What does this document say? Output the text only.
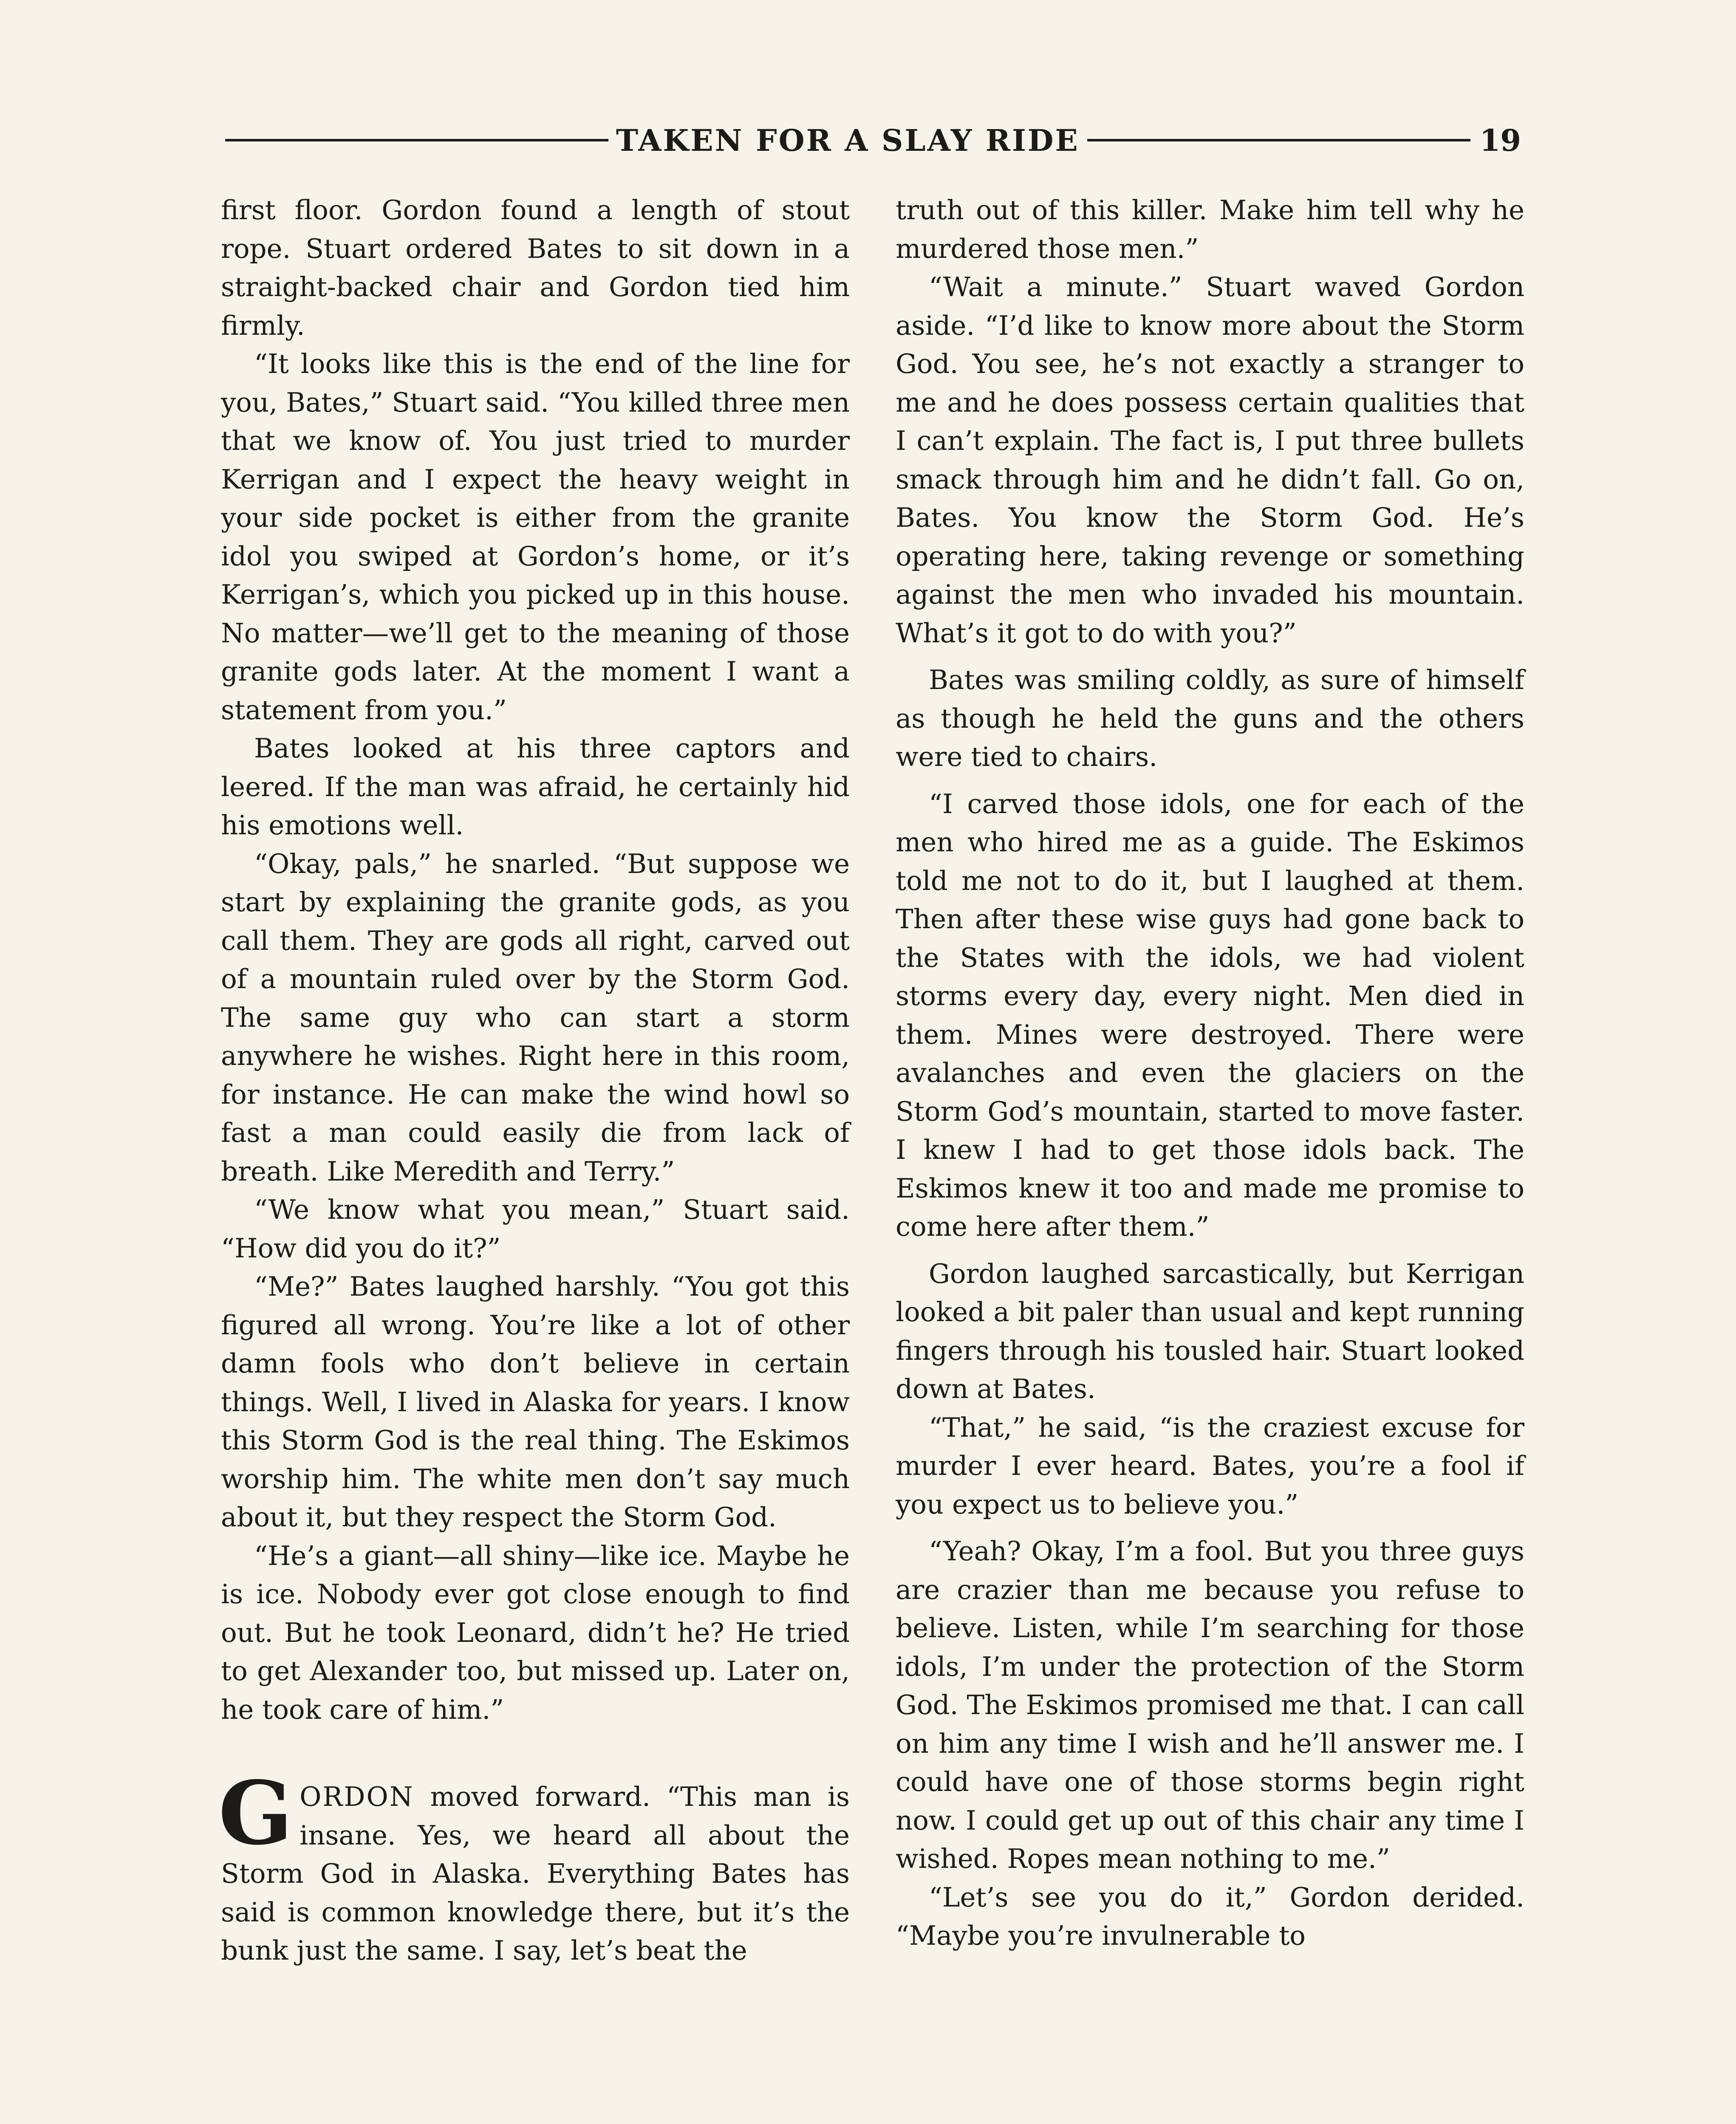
TAKEN FOR A SLAY RIDE	19

first floor. Gordon found a length of stout rope. Stuart ordered Bates to sit down in a straight-backed chair and Gordon tied him firmly.

“It looks like this is the end of the line for you, Bates,” Stuart said. “You killed three men that we know of. You just tried to murder Kerrigan and I expect the heavy weight in your side pocket is either from the granite idol you swiped at Gordon’s home, or it’s Kerrigan’s, which you picked up in this house. No matter—we’ll get to the meaning of those granite gods later. At the moment I want a statement from you.”

Bates looked at his three captors and leered. If the man was afraid, he certainly hid his emotions well.

“Okay, pals,” he snarled. “But suppose we start by explaining the granite gods, as you call them. They are gods all right, carved out of a mountain ruled over by the Storm God. The same guy who can start a storm anywhere he wishes. Right here in this room, for instance. He can make the wind howl so fast a man could easily die from lack of breath. Like Meredith and Terry.”

“We know what you mean,” Stuart said. “How did you do it?”

“Me?” Bates laughed harshly. “You got this figured all wrong. You’re like a lot of other damn fools who don’t believe in certain things. Well, I lived in Alaska for years. I know this Storm God is the real thing. The Eskimos worship him. The white men don’t say much about it, but they respect the Storm God.

“He’s a giant—all shiny—like ice. Maybe he is ice. Nobody ever got close enough to find out. But he took Leonard, didn’t he? He tried to get Alexander too, but missed up. Later on, he took care of him.”

GORDON moved forward. “This man is insane. Yes, we heard all about the Storm God in Alaska. Everything Bates has said is common knowledge there, but it’s the bunk just the same. I say, let’s beat the

truth out of this killer. Make him tell why he murdered those men.”

“Wait a minute.” Stuart waved Gordon aside. “I’d like to know more about the Storm God. You see, he’s not exactly a stranger to me and he does possess certain qualities that I can’t explain. The fact is, I put three bullets smack through him and he didn’t fall. Go on, Bates. You know the Storm God. He’s operating here, taking revenge or something against the men who invaded his mountain. What’s it got to do with you?”

Bates was smiling coldly, as sure of himself as though he held the guns and the others were tied to chairs.

“I carved those idols, one for each of the men who hired me as a guide. The Eskimos told me not to do it, but I laughed at them. Then after these wise guys had gone back to the States with the idols, we had violent storms every day, every night. Men died in them. Mines were destroyed. There were avalanches and even the glaciers on the Storm God’s mountain, started to move faster. I knew I had to get those idols back. The Eskimos knew it too and made me promise to come here after them.”

Gordon laughed sarcastically, but Kerrigan looked a bit paler than usual and kept running fingers through his tousled hair. Stuart looked down at Bates.

“That,” he said, “is the craziest excuse for murder I ever heard. Bates, you’re a fool if you expect us to believe you.”

“Yeah? Okay, I’m a fool. But you three guys are crazier than me because you refuse to believe. Listen, while I’m searching for those idols, I’m under the protection of the Storm God. The Eskimos promised me that. I can call on him any time I wish and he’ll answer me. I could have one of those storms begin right now. I could get up out of this chair any time I wished. Ropes mean nothing to me.”

“Let’s see you do it,” Gordon derided. “Maybe you’re invulnerable to
